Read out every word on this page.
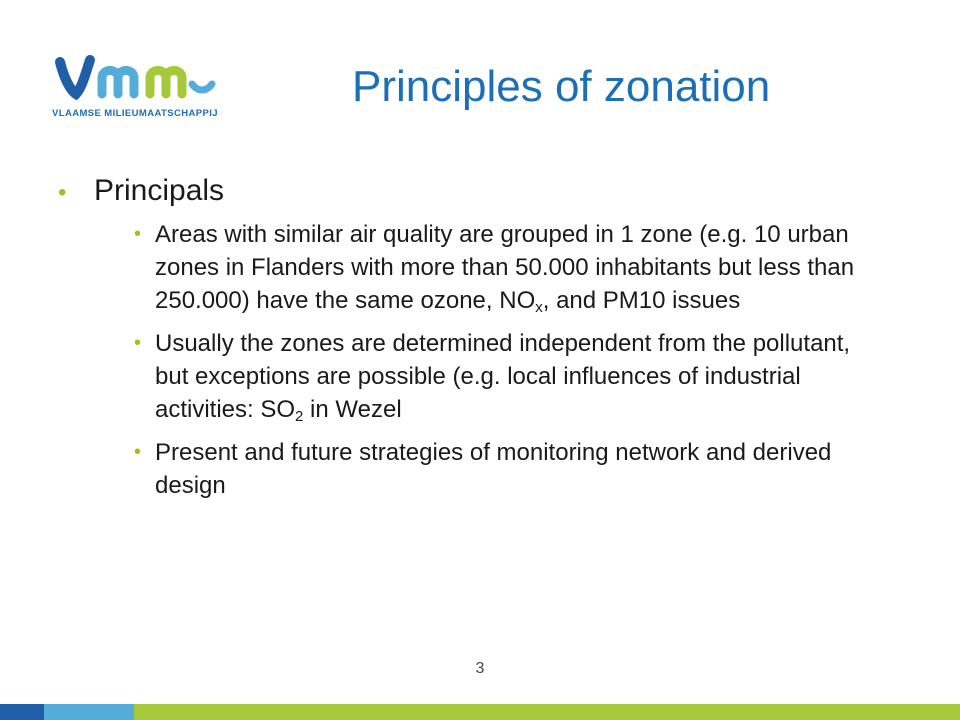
VLAAMSE MILIEUMAATSCHAPPIJ
Principles of zonation
• Principals
• Areas with similar air quality are grouped in 1 zone (e.g. 10 urban zones in Flanders with more than 50.000 inhabitants but less than 250.000) have the same ozone, $NO_x$, and PM10 issues
• Usually the zones are determined independent from the pollutant, but exceptions are possible (e.g. local influences of industrial activities: $SO_2$ in Wezel
• Present and future strategies of monitoring network and derived design
3
